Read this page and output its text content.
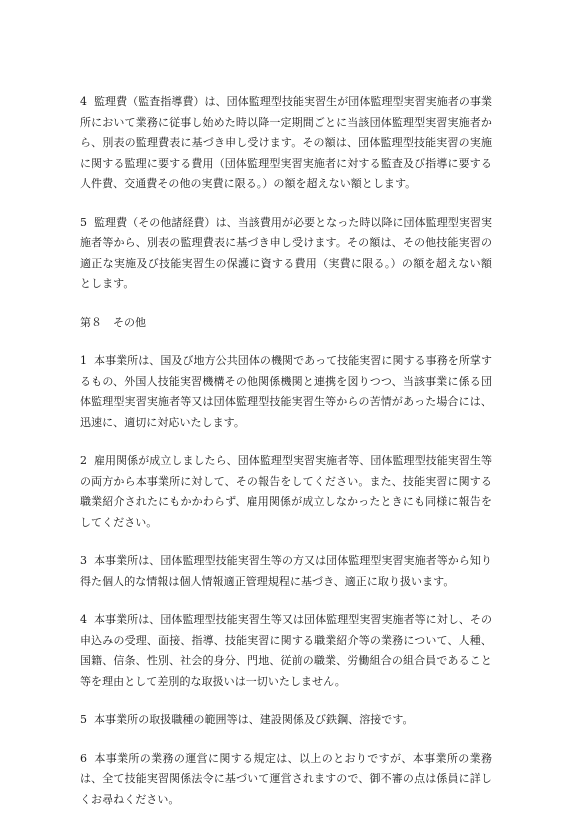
4 監理費（監査指導費）は、団体監理型技能実習生が団体監理型実習実施者の事業所において業務に従事し始めた時以降一定期間ごとに当該団体監理型実習実施者から、別表の監理費表に基づき申し受けます。その額は、団体監理型技能実習の実施に関する監理に要する費用（団体監理型実習実施者に対する監査及び指導に要する人件費、交通費その他の実費に限る。）の額を超えない額とします。

5 監理費（その他諸経費）は、当該費用が必要となった時以降に団体監理型実習実施者等から、別表の監理費表に基づき申し受けます。その額は、その他技能実習の適正な実施及び技能実習生の保護に資する費用（実費に限る。）の額を超えない額とします。

第８　その他

1 本事業所は、国及び地方公共団体の機関であって技能実習に関する事務を所掌するもの、外国人技能実習機構その他関係機関と連携を図りつつ、当該事業に係る団体監理型実習実施者等又は団体監理型技能実習生等からの苦情があった場合には、迅速に、適切に対応いたします。

2 雇用関係が成立しましたら、団体監理型実習実施者等、団体監理型技能実習生等の両方から本事業所に対して、その報告をしてください。また、技能実習に関する職業紹介されたにもかかわらず、雇用関係が成立しなかったときにも同様に報告をしてください。

3 本事業所は、団体監理型技能実習生等の方又は団体監理型実習実施者等から知り得た個人的な情報は個人情報適正管理規程に基づき、適正に取り扱います。

4 本事業所は、団体監理型技能実習生等又は団体監理型実習実施者等に対し、その申込みの受理、面接、指導、技能実習に関する職業紹介等の業務について、人種、国籍、信条、性別、社会的身分、門地、従前の職業、労働組合の組合員であること等を理由として差別的な取扱いは一切いたしません。

5 本事業所の取扱職種の範囲等は、建設関係及び鉄鋼、溶接です。

6 本事業所の業務の運営に関する規定は、以上のとおりですが、本事業所の業務は、全て技能実習関係法令に基づいて運営されますので、御不審の点は係員に詳しくお尋ねください。
